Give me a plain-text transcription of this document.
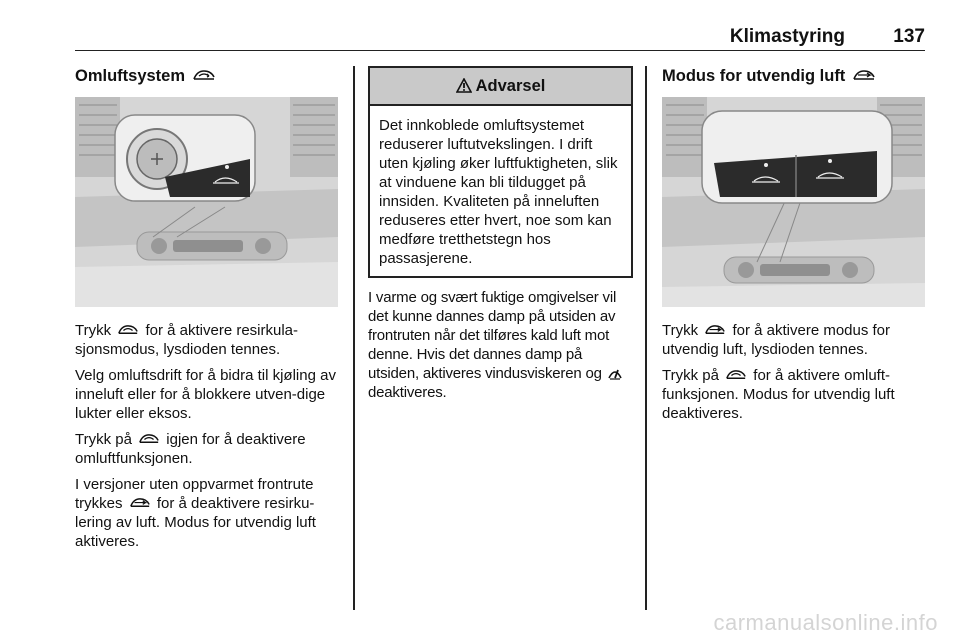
Klimastyring	137
Omluftsystem

Trykk for å aktivere resirkula-sjonsmodus, lysdioden tennes.

Velg omluftsdrift for å bidra til kjøling av inneluft eller for å blokkere utven-dige lukter eller eksos.

Trykk på igjen for å deaktivere omluftfunksjonen.

I versjoner uten oppvarmet frontrute trykkes for å deaktivere resirku-lering av luft. Modus for utvendig luft aktiveres.

Advarsel
Det innkoblede omluftsystemet reduserer luftutvekslingen. I drift uten kjøling øker luftfuktigheten, slik at vinduene kan bli tildugget på innsiden. Kvaliteten på inneluften reduseres etter hvert, noe som kan medføre tretthetstegn hos passasjerene.

I varme og svært fuktige omgivelser vil det kunne dannes damp på utsiden av frontruten når det tilføres kald luft mot denne. Hvis det dannes damp på utsiden, aktiveres vindusviskeren og  deaktiveres.

Modus for utvendig luft

Trykk for å aktivere modus for utvendig luft, lysdioden tennes.

Trykk på for å aktivere omluft-funksjonen. Modus for utvendig luft deaktiveres.

carmanualsonline.info
